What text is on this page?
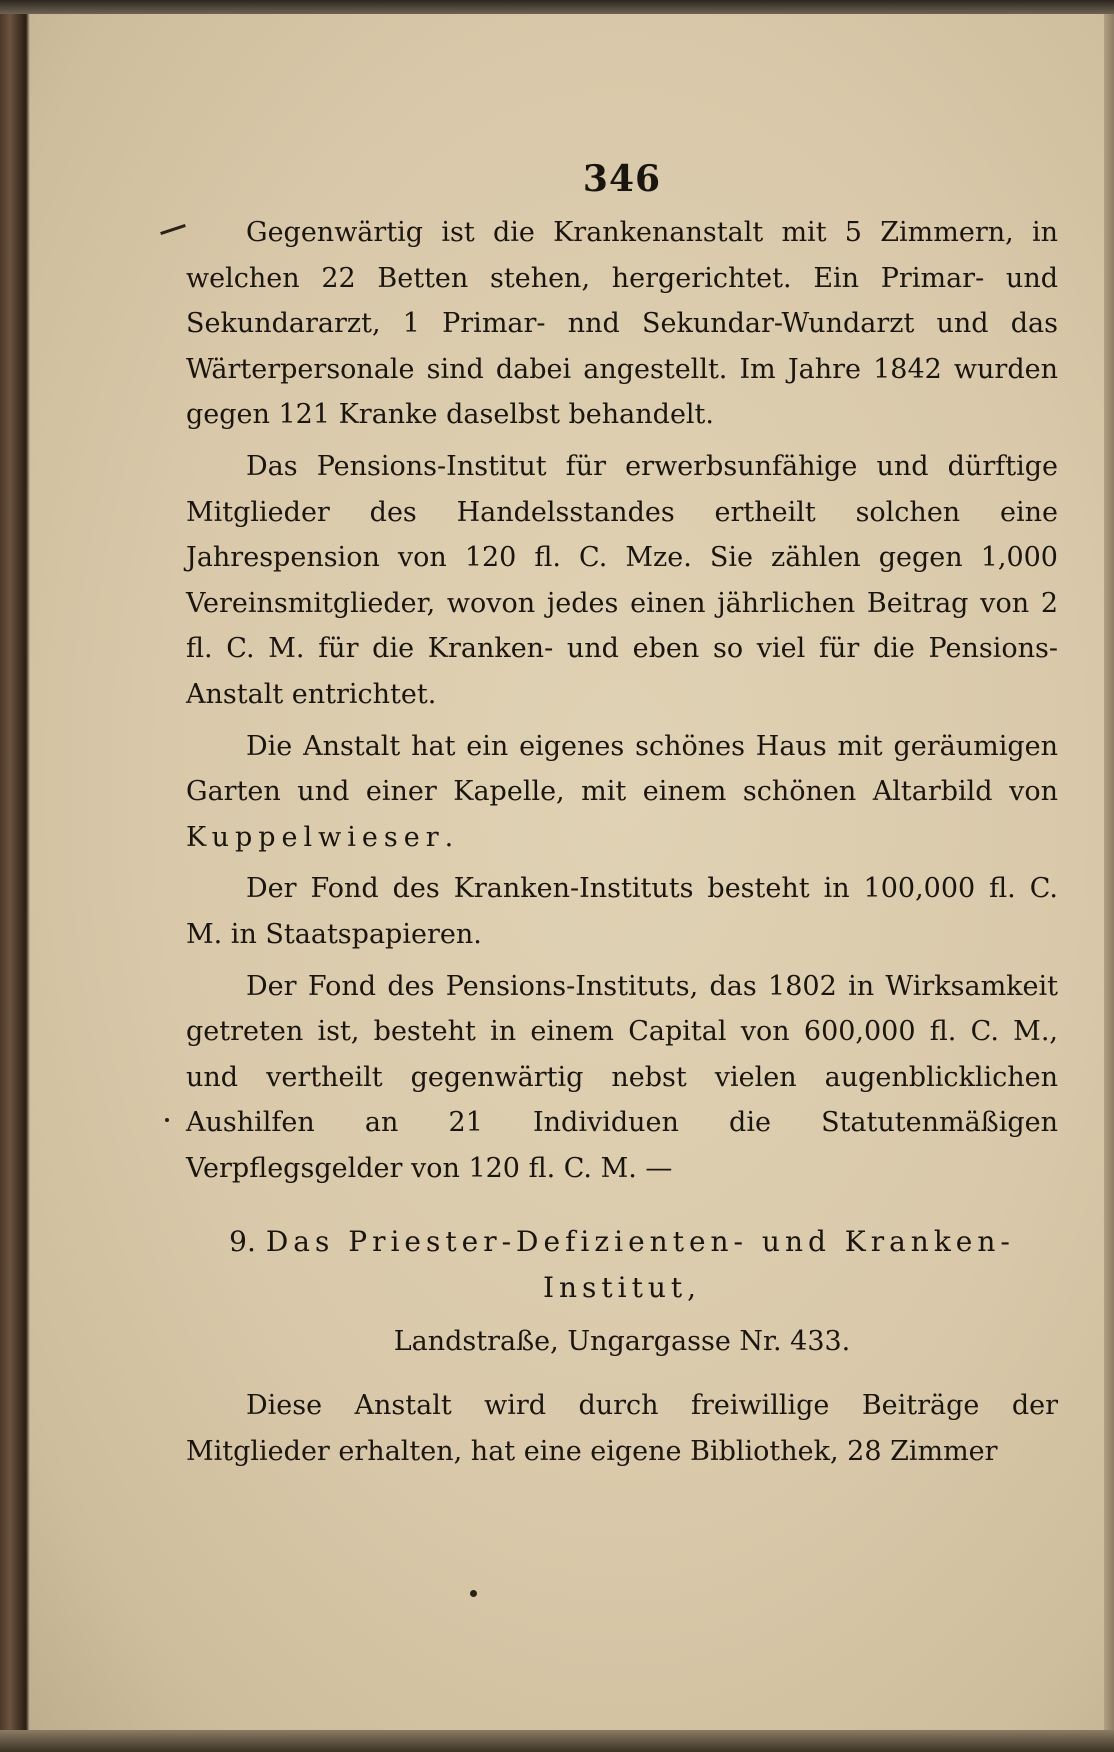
346

Gegenwärtig ist die Krankenanstalt mit 5 Zimmern, in welchen 22 Betten stehen, hergerichtet. Ein Primar- und Sekundararzt, 1 Primar- nnd Sekundar-Wundarzt und das Wärterpersonale sind dabei angestellt. Im Jahre 1842 wurden gegen 121 Kranke daselbst behandelt.

Das Pensions-Institut für erwerbsunfähige und dürftige Mitglieder des Handelsstandes ertheilt solchen eine Jahrespension von 120 fl. C. Mze. Sie zählen gegen 1,000 Vereinsmitglieder, wovon jedes einen jährlichen Beitrag von 2 fl. C. M. für die Kranken- und eben so viel für die Pensions-Anstalt entrichtet.

Die Anstalt hat ein eigenes schönes Haus mit geräumigen Garten und einer Kapelle, mit einem schönen Altarbild von Kuppelwieser.

Der Fond des Kranken-Instituts besteht in 100,000 fl. C. M. in Staatspapieren.

Der Fond des Pensions-Instituts, das 1802 in Wirksamkeit getreten ist, besteht in einem Capital von 600,000 fl. C. M., und vertheilt gegenwärtig nebst vielen augenblicklichen Aushilfen an 21 Individuen die Statutenmäßigen Verpflegsgelder von 120 fl. C. M. —

9. Das Priester-Defizienten- und Kranken-Institut,
Landstraße, Ungargasse Nr. 433.

Diese Anstalt wird durch freiwillige Beiträge der Mitglieder erhalten, hat eine eigene Bibliothek, 28 Zimmer
